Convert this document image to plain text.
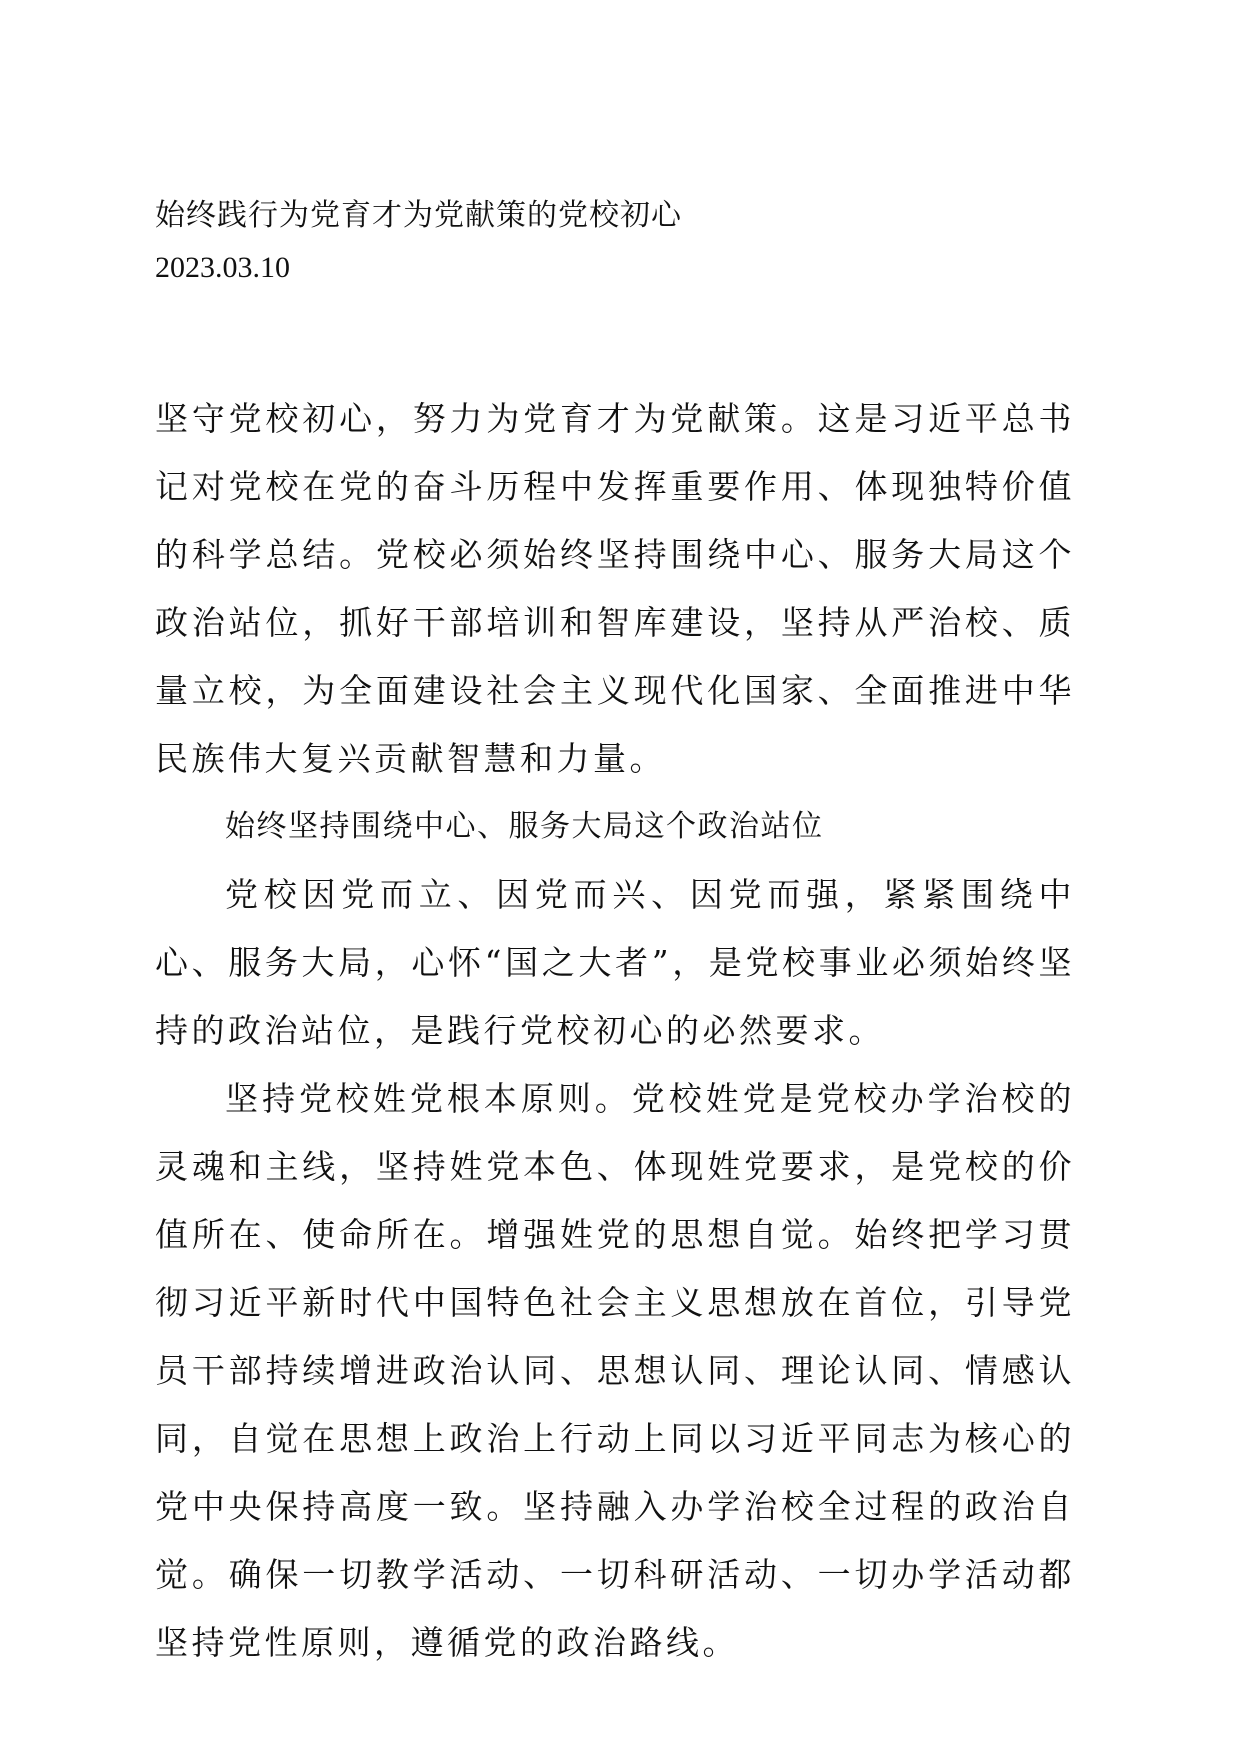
始终践行为党育才为党献策的党校初心
2023.03.10

坚守党校初心，努力为党育才为党献策。这是习近平总书记对党校在党的奋斗历程中发挥重要作用、体现独特价值的科学总结。党校必须始终坚持围绕中心、服务大局这个政治站位，抓好干部培训和智库建设，坚持从严治校、质量立校，为全面建设社会主义现代化国家、全面推进中华民族伟大复兴贡献智慧和力量。

始终坚持围绕中心、服务大局这个政治站位

党校因党而立、因党而兴、因党而强，紧紧围绕中心、服务大局，心怀“国之大者”，是党校事业必须始终坚持的政治站位，是践行党校初心的必然要求。

坚持党校姓党根本原则。党校姓党是党校办学治校的灵魂和主线，坚持姓党本色、体现姓党要求，是党校的价值所在、使命所在。增强姓党的思想自觉。始终把学习贯彻习近平新时代中国特色社会主义思想放在首位，引导党员干部持续增进政治认同、思想认同、理论认同、情感认同，自觉在思想上政治上行动上同以习近平同志为核心的党中央保持高度一致。坚持融入办学治校全过程的政治自觉。确保一切教学活动、一切科研活动、一切办学活动都坚持党性原则，遵循党的政治路线。
